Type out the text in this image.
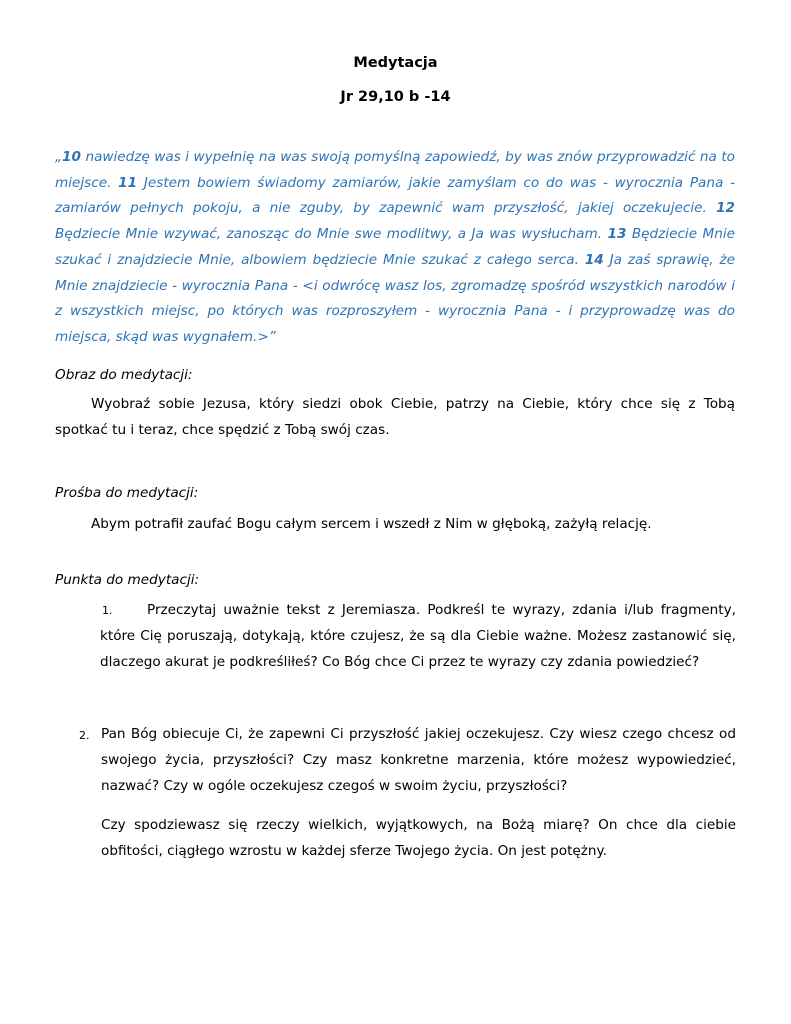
Medytacja
Jr 29,10 b -14

„10 nawiedzę was i wypełnię na was swoją pomyślną zapowiedź, by was znów przyprowadzić na to miejsce. 11 Jestem bowiem świadomy zamiarów, jakie zamyślam co do was - wyrocznia Pana - zamiarów pełnych pokoju, a nie zguby, by zapewnić wam przyszłość, jakiej oczekujecie. 12 Będziecie Mnie wzywać, zanosząc do Mnie swe modlitwy, a Ja was wysłucham. 13 Będziecie Mnie szukać i znajdziecie Mnie, albowiem będziecie Mnie szukać z całego serca. 14 Ja zaś sprawię, że Mnie znajdziecie - wyrocznia Pana - <i odwrócę wasz los, zgromadzę spośród wszystkich narodów i z wszystkich miejsc, po których was rozproszyłem - wyrocznia Pana - i przyprowadzę was do miejsca, skąd was wygnałem.>”

Obraz do medytacji:

Wyobraź sobie Jezusa, który siedzi obok Ciebie, patrzy na Ciebie, który chce się z Tobą spotkać tu i teraz, chce spędzić z Tobą swój czas.

Prośba do medytacji:

Abym potrafił zaufać Bogu całym sercem i wszedł z Nim w głęboką, zażyłą relację.

Punkta do medytacji:
1.	Przeczytaj uważnie tekst z Jeremiasza. Podkreśl te wyrazy, zdania i/lub fragmenty, które Cię poruszają, dotykają, które czujesz, że są dla Ciebie ważne. Możesz zastanowić się, dlaczego akurat je podkreśliłeś? Co Bóg chce Ci przez te wyrazy czy zdania powiedzieć?

2. Pan Bóg obiecuje Ci, że zapewni Ci przyszłość jakiej oczekujesz. Czy wiesz czego chcesz od swojego życia, przyszłości? Czy masz konkretne marzenia, które możesz wypowiedzieć, nazwać? Czy w ogóle oczekujesz czegoś w swoim życiu, przyszłości?

Czy spodziewasz się rzeczy wielkich, wyjątkowych, na Bożą miarę? On chce dla ciebie obfitości, ciągłego wzrostu w każdej sferze Twojego życia. On jest potężny.
